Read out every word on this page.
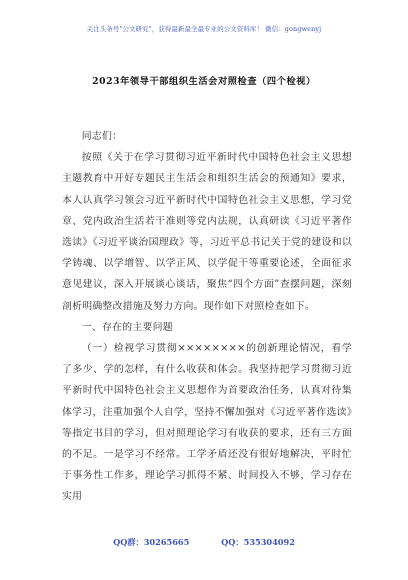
关注头条号"公文研究"，获得最新最全最专业的公文资料库！ 微信：gongwenyj
2023年领导干部组织生活会对照检查（四个检视）

同志们：

按照《关于在学习贯彻习近平新时代中国特色社会主义思想主题教育中开好专题民主生活会和组织生活会的预通知》要求，本人认真学习领会习近平新时代中国特色社会主义思想，学习党章、党内政治生活若干准则等党内法规，认真研读《习近平著作选读》《习近平谈治国理政》等，习近平总书记关于党的建设和以学铸魂、以学增智、以学正风、以学促干等重要论述，全面征求意见建议，深入开展谈心谈话，聚焦“四个方面”查摆问题，深刻剖析明确整改措施及努力方向。现作如下对照检查如下。

一、存在的主要问题

（一）检视学习贯彻××××××××的创新理论情况，看学了多少、学的怎样，有什么收获和体会。我坚持把学习贯彻习近平新时代中国特色社会主义思想作为首要政治任务，认真对待集体学习，注重加强个人自学，坚持不懈加强对《习近平著作选读》等指定书目的学习，但对照理论学习有收获的要求，还有三方面的不足。一是学习不经常。工学矛盾还没有很好地解决，平时忙于事务性工作多，理论学习抓得不紧、时间投入不够，学习存在实用

QQ群：30265665	QQ：535304092
